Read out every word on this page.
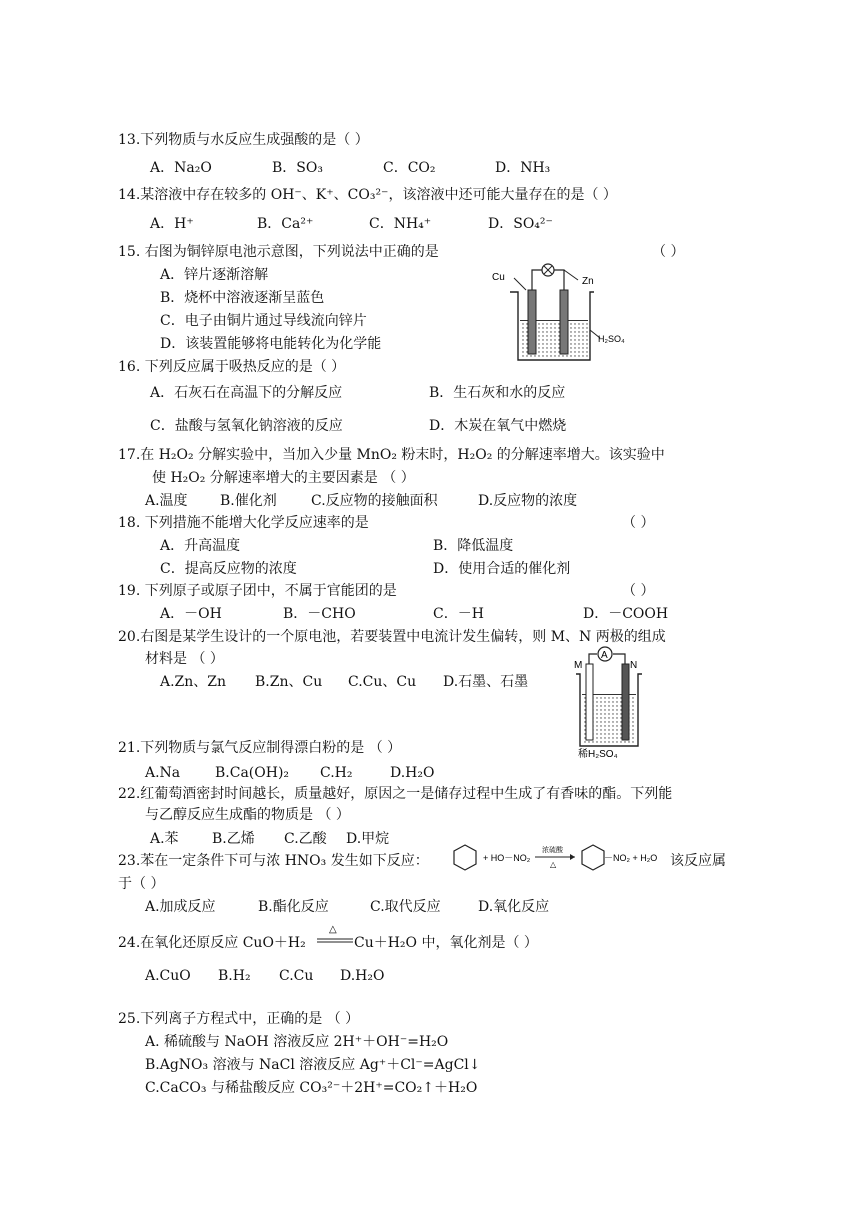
13.下列物质与水反应生成强酸的是（ ）
A．Na₂O	B．SO₃	C．CO₂	D．NH₃
14.某溶液中存在较多的 OH⁻、K⁺、CO₃²⁻，该溶液中还可能大量存在的是（ ）
A．H⁺	B．Ca²⁺	C．NH₄⁺	D．SO₄²⁻
15. 右图为铜锌原电池示意图，下列说法中正确的是	（ ）
A．锌片逐渐溶解
B．烧杯中溶液逐渐呈蓝色
C．电子由铜片通过导线流向锌片
D．该装置能够将电能转化为化学能
Cu	Zn
H₂SO₄
16. 下列反应属于吸热反应的是（ ）
A．石灰石在高温下的分解反应	B．生石灰和水的反应
C．盐酸与氢氧化钠溶液的反应	D．木炭在氧气中燃烧
17.在 H₂O₂ 分解实验中，当加入少量 MnO₂ 粉末时，H₂O₂ 的分解速率增大。该实验中
使 H₂O₂ 分解速率增大的主要因素是 （ ）
A.温度 B.催化剂 C.反应物的接触面积	D.反应物的浓度
18. 下列措施不能增大化学反应速率的是	（ ）
A．升高温度	B．降低温度
C．提高反应物的浓度	D．使用合适的催化剂
19. 下列原子或原子团中，不属于官能团的是	（ ）
A．－OH	B．－CHO	C．－H	D．－COOH
20.右图是某学生设计的一个原电池，若要装置中电流计发生偏转，则 M、N 两极的组成
材料是 （ ）
A.Zn、Zn B.Zn、Cu C.Cu、Cu D.石墨、石墨
A
M	N
稀H₂SO₄
21.下列物质与氯气反应制得漂白粉的是 （ ）
A.Na B.Ca(OH)₂ C.H₂	D.H₂O
22.红葡萄酒密封时间越长，质量越好，原因之一是储存过程中生成了有香味的酯。下列能
与乙醇反应生成酯的物质是 （ ）
A.苯 B.乙烯 C.乙酸 D.甲烷
23.苯在一定条件下可与浓 HNO₃ 发生如下反应：	+ HO－NO₂
浓硫酸
△
－NO₂ + H₂O 该反应属
于（ ）
A.加成反应	B.酯化反应	C.取代反应	D.氧化反应
24.在氧化还原反应 CuO＋H₂
△
Cu＋H₂O 中，氧化剂是（ ）
A.CuO B.H₂ C.Cu D.H₂O
25.下列离子方程式中，正确的是 （ ）
A. 稀硫酸与 NaOH 溶液反应 2H⁺＋OH⁻=H₂O
B.AgNO₃ 溶液与 NaCl 溶液反应 Ag⁺＋Cl⁻=AgCl↓
C.CaCO₃ 与稀盐酸反应 CO₃²⁻＋2H⁺=CO₂↑＋H₂O
